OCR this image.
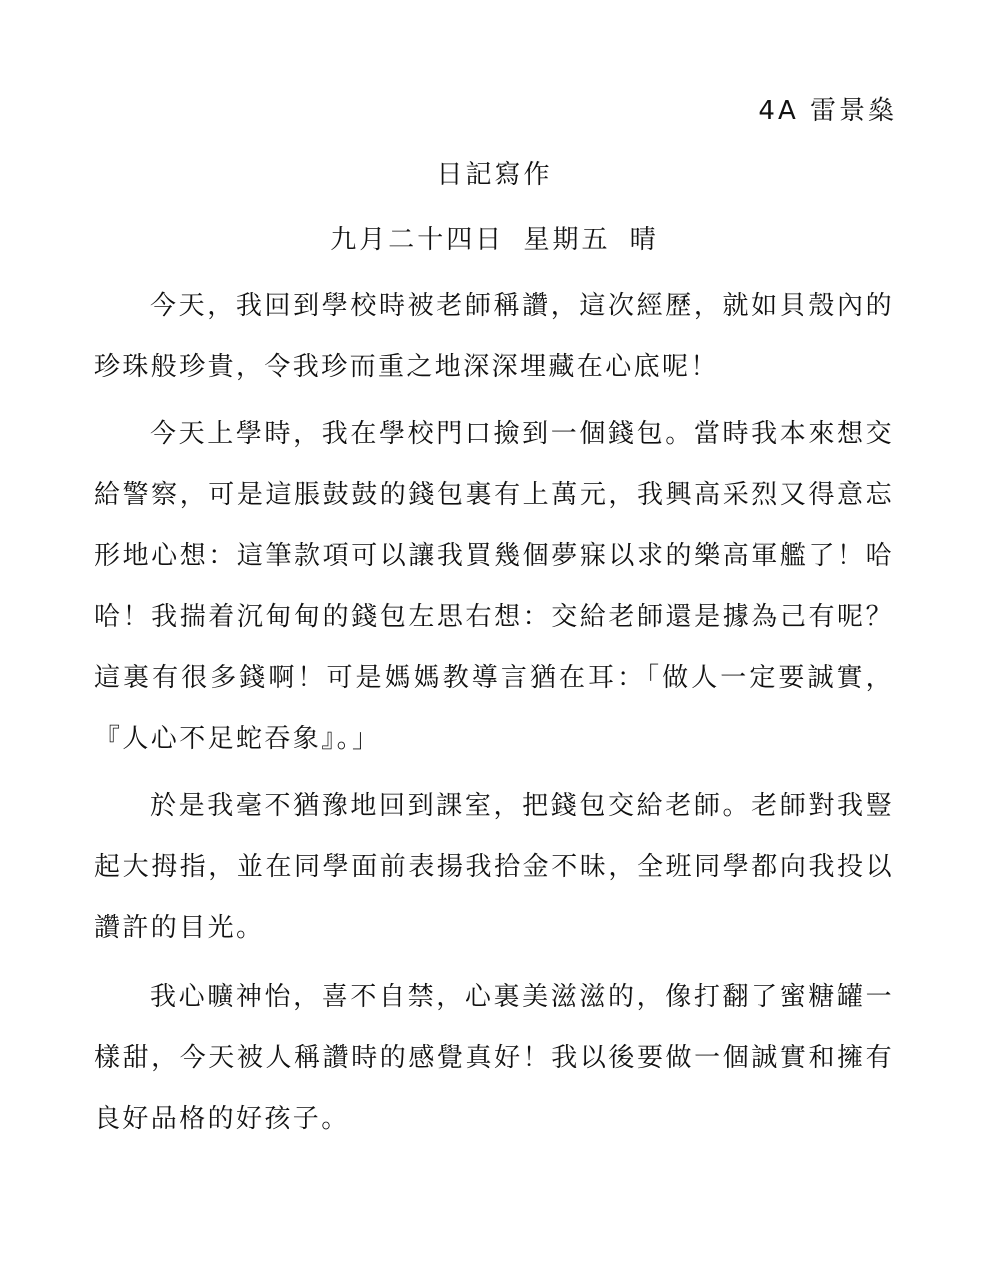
4A 雷景燊
日記寫作
九月二十四日 星期五 晴

今天，我回到學校時被老師稱讚，這次經歷，就如貝殼內的珍珠般珍貴，令我珍而重之地深深埋藏在心底呢！

今天上學時，我在學校門口撿到一個錢包。當時我本來想交給警察，可是這脹鼓鼓的錢包裏有上萬元，我興高采烈又得意忘形地心想：這筆款項可以讓我買幾個夢寐以求的樂高軍艦了！哈哈！我揣着沉甸甸的錢包左思右想：交給老師還是據為己有呢？這裏有很多錢啊！可是媽媽教導言猶在耳：「做人一定要誠實，『人心不足蛇吞象』。」

於是我毫不猶豫地回到課室，把錢包交給老師。老師對我豎起大拇指，並在同學面前表揚我拾金不昧，全班同學都向我投以讚許的目光。

我心曠神怡，喜不自禁，心裏美滋滋的，像打翻了蜜糖罐一樣甜，今天被人稱讚時的感覺真好！我以後要做一個誠實和擁有良好品格的好孩子。
